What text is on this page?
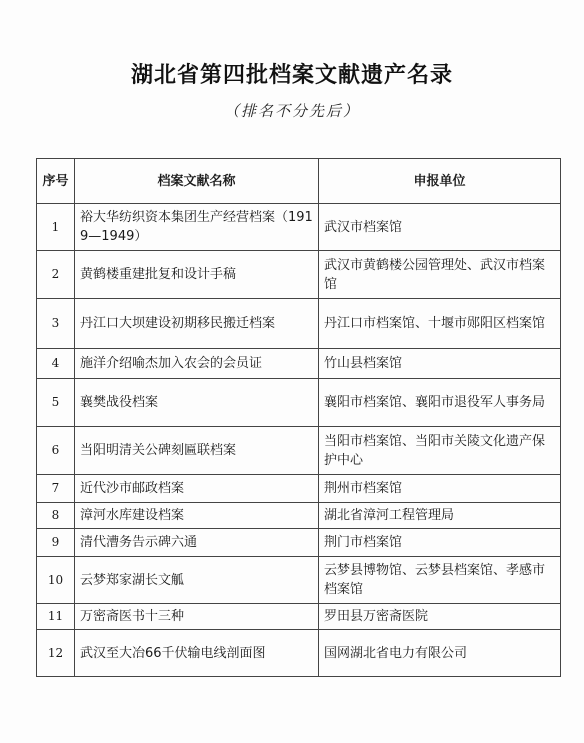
湖北省第四批档案文献遗产名录
（排名不分先后）
序号	档案文献名称	申报单位
1	裕大华纺织资本集团生产经营档案（1919—1949）	武汉市档案馆
2	黄鹤楼重建批复和设计手稿	武汉市黄鹤楼公园管理处、武汉市档案馆
3	丹江口大坝建设初期移民搬迁档案	丹江口市档案馆、十堰市郧阳区档案馆
4	施洋介绍喻杰加入农会的会员证	竹山县档案馆
5	襄樊战役档案	襄阳市档案馆、襄阳市退役军人事务局
6	当阳明清关公碑刻匾联档案	当阳市档案馆、当阳市关陵文化遗产保护中心
7	近代沙市邮政档案	荆州市档案馆
8	漳河水库建设档案	湖北省漳河工程管理局
9	清代漕务告示碑六通	荆门市档案馆
10	云梦郑家湖长文觚	云梦县博物馆、云梦县档案馆、孝感市档案馆
11	万密斋医书十三种	罗田县万密斋医院
12	武汉至大冶66千伏输电线剖面图	国网湖北省电力有限公司
